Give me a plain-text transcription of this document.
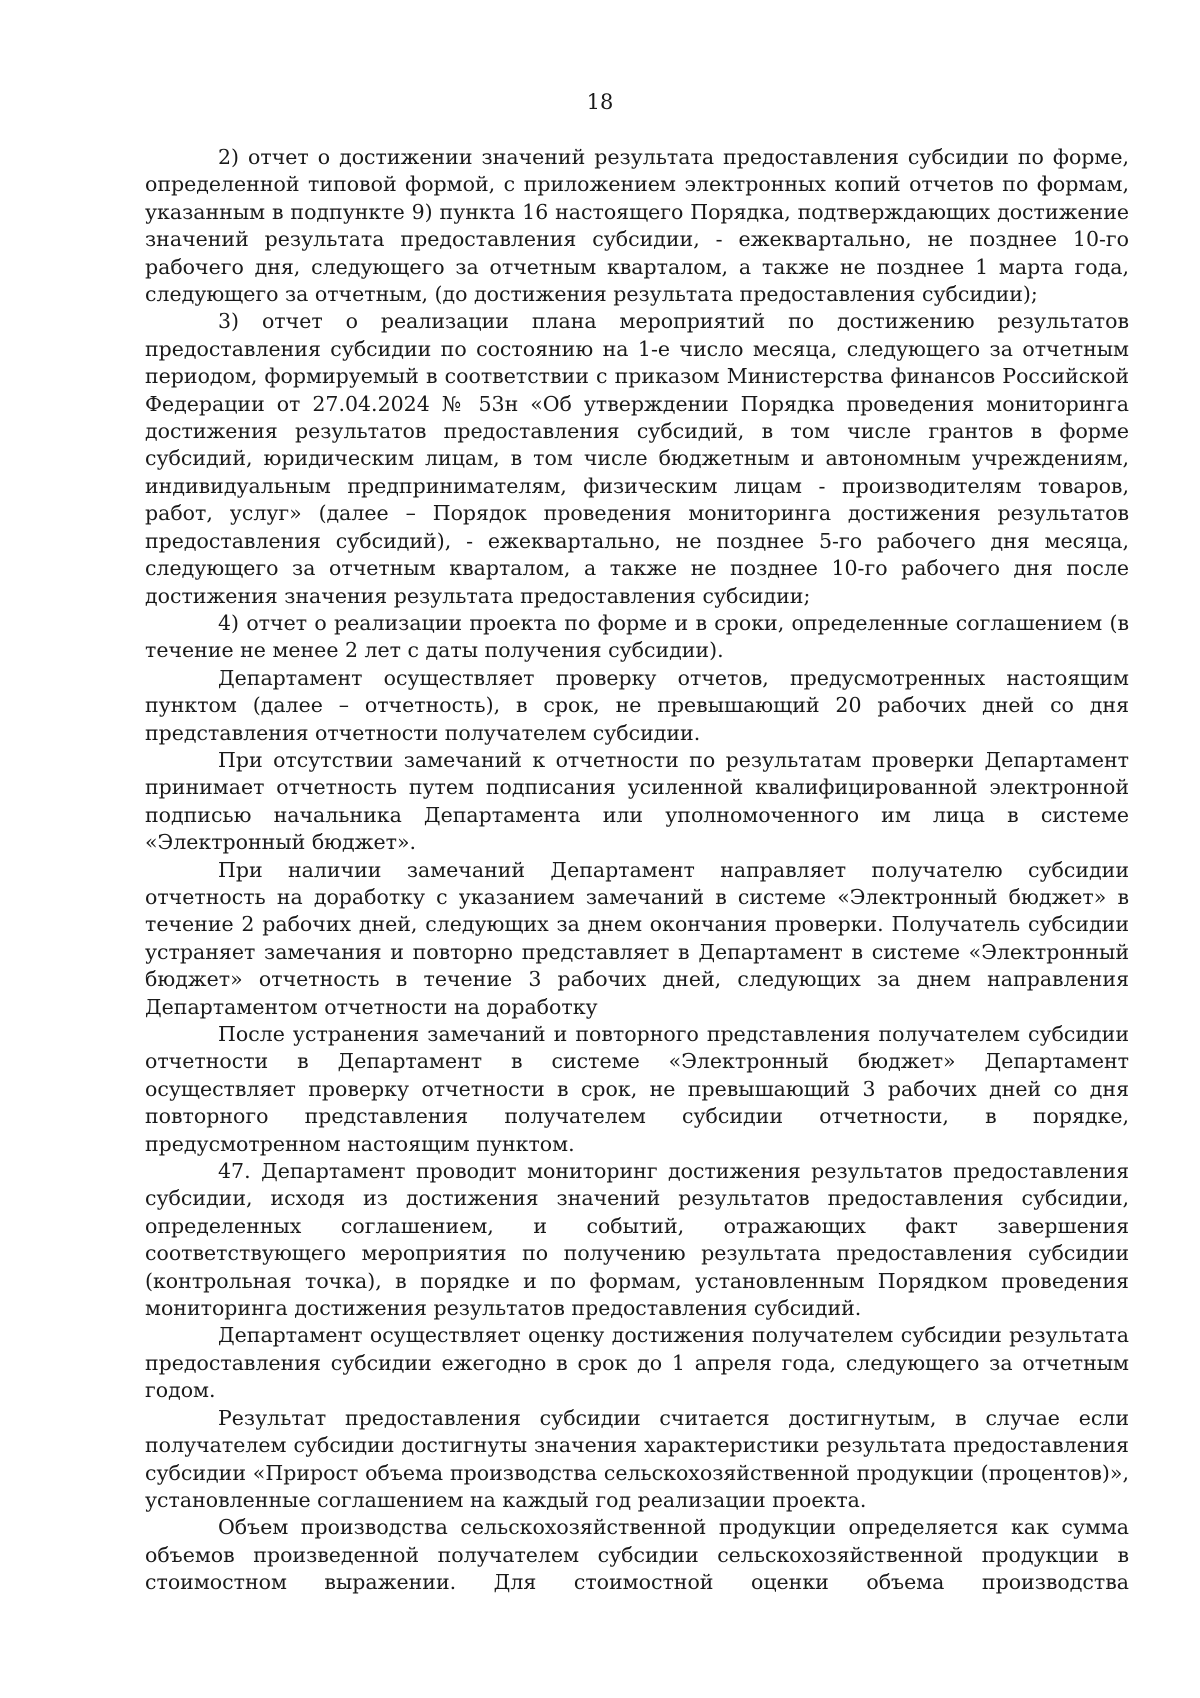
18

2) отчет о достижении значений результата предоставления субсидии по форме, определенной типовой формой, с приложением электронных копий отчетов по формам, указанным в подпункте 9) пункта 16 настоящего Порядка, подтверждающих достижение значений результата предоставления субсидии, - ежеквартально, не позднее 10-го рабочего дня, следующего за отчетным кварталом, а также не позднее 1 марта года, следующего за отчетным, (до достижения результата предоставления субсидии);

3) отчет о реализации плана мероприятий по достижению результатов предоставления субсидии по состоянию на 1-е число месяца, следующего за отчетным периодом, формируемый в соответствии с приказом Министерства финансов Российской Федерации от 27.04.2024 № 53н «Об утверждении Порядка проведения мониторинга достижения результатов предоставления субсидий, в том числе грантов в форме субсидий, юридическим лицам, в том числе бюджетным и автономным учреждениям, индивидуальным предпринимателям, физическим лицам - производителям товаров, работ, услуг» (далее – Порядок проведения мониторинга достижения результатов предоставления субсидий), - ежеквартально, не позднее 5-го рабочего дня месяца, следующего за отчетным кварталом, а также не позднее 10-го рабочего дня после достижения значения результата предоставления субсидии;

4) отчет о реализации проекта по форме и в сроки, определенные соглашением (в течение не менее 2 лет с даты получения субсидии).

Департамент осуществляет проверку отчетов, предусмотренных настоящим пунктом (далее – отчетность), в срок, не превышающий 20 рабочих дней со дня представления отчетности получателем субсидии.

При отсутствии замечаний к отчетности по результатам проверки Департамент принимает отчетность путем подписания усиленной квалифицированной электронной подписью начальника Департамента или уполномоченного им лица в системе «Электронный бюджет».

При наличии замечаний Департамент направляет получателю субсидии отчетность на доработку с указанием замечаний в системе «Электронный бюджет» в течение 2 рабочих дней, следующих за днем окончания проверки. Получатель субсидии устраняет замечания и повторно представляет в Департамент в системе «Электронный бюджет» отчетность в течение 3 рабочих дней, следующих за днем направления Департаментом отчетности на доработку

После устранения замечаний и повторного представления получателем субсидии отчетности в Департамент в системе «Электронный бюджет» Департамент осуществляет проверку отчетности в срок, не превышающий 3 рабочих дней со дня повторного представления получателем субсидии отчетности, в порядке, предусмотренном настоящим пунктом.

47. Департамент проводит мониторинг достижения результатов предоставления субсидии, исходя из достижения значений результатов предоставления субсидии, определенных соглашением, и событий, отражающих факт завершения соответствующего мероприятия по получению результата предоставления субсидии (контрольная точка), в порядке и по формам, установленным Порядком проведения мониторинга достижения результатов предоставления субсидий.

Департамент осуществляет оценку достижения получателем субсидии результата предоставления субсидии ежегодно в срок до 1 апреля года, следующего за отчетным годом.

Результат предоставления субсидии считается достигнутым, в случае если получателем субсидии достигнуты значения характеристики результата предоставления субсидии «Прирост объема производства сельскохозяйственной продукции (процентов)», установленные соглашением на каждый год реализации проекта.

Объем производства сельскохозяйственной продукции определяется как сумма объемов произведенной получателем субсидии сельскохозяйственной продукции в стоимостном выражении. Для стоимостной оценки объема производства
